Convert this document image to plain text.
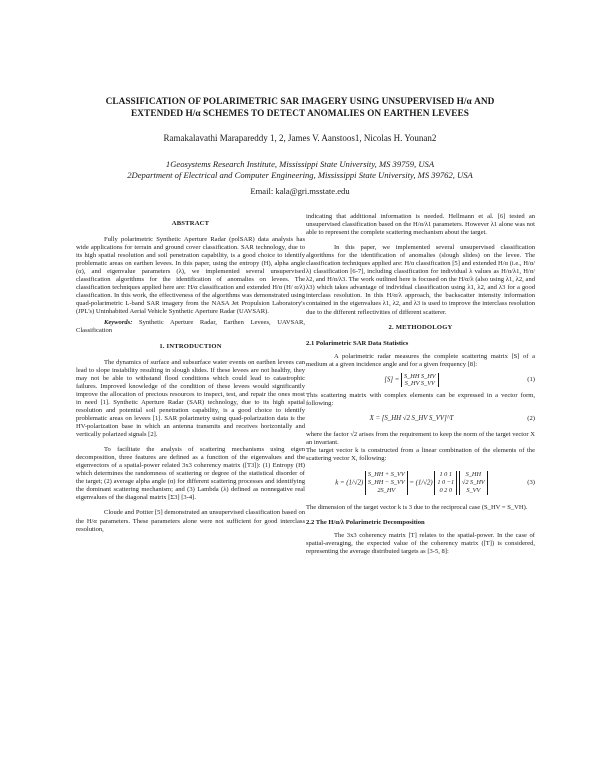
CLASSIFICATION OF POLARIMETRIC SAR IMAGERY USING UNSUPERVISED H/α AND
EXTENDED H/α SCHEMES TO DETECT ANOMALIES ON EARTHEN LEVEES
Ramakalavathi Marapareddy 1, 2, James V. Aanstoos1, Nicolas H. Younan2
1Geosystems Research Institute, Mississippi State University, MS 39759, USA
2Department of Electrical and Computer Engineering, Mississippi State University, MS 39762, USA
Email: kala@gri.msstate.edu
ABSTRACT

Fully polarimetric Synthetic Aperture Radar (polSAR) data analysis has wide applications for terrain and ground cover classification. SAR technology, due to its high spatial resolution and soil penetration capability, is a good choice to identify problematic areas on earthen levees. In this paper, using the entropy (H), alpha angle (α), and eigenvalue parameters (λ), we implemented several unsupervised classification algorithms for the identification of anomalies on levees. The classification techniques applied here are: H/α classification and extended H/α (H/ α/λ) classification. In this work, the effectiveness of the algorithms was demonstrated using quad-polarimetric L-band SAR imagery from the NASA Jet Propulsion Laboratory's (JPL's) Uninhabited Aerial Vehicle Synthetic Aperture Radar (UAVSAR).

Keywords: Synthetic Aperture Radar, Earthen Levees, UAVSAR, Classification

1. INTRODUCTION

The dynamics of surface and subsurface water events on earthen levees can lead to slope instability resulting in slough slides. If these levees are not healthy, they may not be able to withstand flood conditions which could lead to catastrophic failures. Improved knowledge of the condition of these levees would significantly improve the allocation of precious resources to inspect, test, and repair the ones most in need [1]. Synthetic Aperture Radar (SAR) technology, due to its high spatial resolution and potential soil penetration capability, is a good choice to identify problematic areas on levees [1]. SAR polarimetry using quad-polarization data is the HV-polarization base in which an antenna transmits and receives horizontally and vertically polarized signals [2].

To facilitate the analysis of scattering mechanisms using eigen decomposition, three features are defined as a function of the eigenvalues and the eigenvectors of a spatial-power related 3x3 coherency matrix ([T3]): (1) Entropy (H) which determines the randomness of scattering or degree of the statistical disorder of the target; (2) average alpha angle (α) for different scattering processes and identifying the dominant scattering mechanism; and (3) Lambda (λ) defined as nonnegative real eigenvalues of the diagonal matrix [Σ3] [3-4].

Cloude and Pottier [5] demonstrated an unsupervised classification based on the H/α parameters. These parameters alone were not sufficient for good interclass resolution,

indicating that additional information is needed. Hellmann et al. [6] tested an unsupervised classification based on the H/α/λ1 parameters. However λ1 alone was not able to represent the complete scattering mechanism about the target.

In this paper, we implemented several unsupervised classification algorithms for the identification of anomalies (slough slides) on the levee. The classification techniques applied are: H/α classification [5] and extended H/α (i.e., H/α/λ) classification [6-7], including classification for individual λ values as H/α/λ1, H/α/λ2, and H/α/λ3. The work outlined here is focused on the H/α/λ (also using λ1, λ2, and λ3) which takes advantage of individual classification using λ1, λ2, and λ3 for a good interclass resolution. In this H/α/λ approach, the backscatter intensity information contained in the eigenvalues λ1, λ2, and λ3 is used to improve the interclass resolution due to the different reflectivities of different scatterer.

2. METHODOLOGY
2.1 Polarimetric SAR Data Statistics

A polarimetric radar measures the complete scattering matrix [S] of a medium at a given incidence angle and for a given frequency [8]:

[S] =
S_HH S_HV
S_HV S_VV
(1)

This scattering matrix with complex elements can be expressed in a vector form, following:

X = [S_HH √2 S_HV S_VV]^T	(2)

where the factor √2 arises from the requirement to keep the norm of the target vector X an invariant.

The target vector k is constructed from a linear combination of the elements of the scattering vector X, following:

k = (1/√2)
S_HH + S_VV
S_HH − S_VV
2S_HV
= (1/√2)
1 0 1
1 0 −1
0 2 0

S_HH
√2 S_HV
S_VV
(3)

The dimension of the target vector k is 3 due to the reciprocal case (S_HV = S_VH).

2.2 The H/α/λ Polarimetric Decomposition

The 3x3 coherency matrix [T] relates to the spatial-power. In the case of spatial-averaging, the expected value of the coherency matrix ([T]) is considered, representing the average distributed targets as [3-5, 8]:
